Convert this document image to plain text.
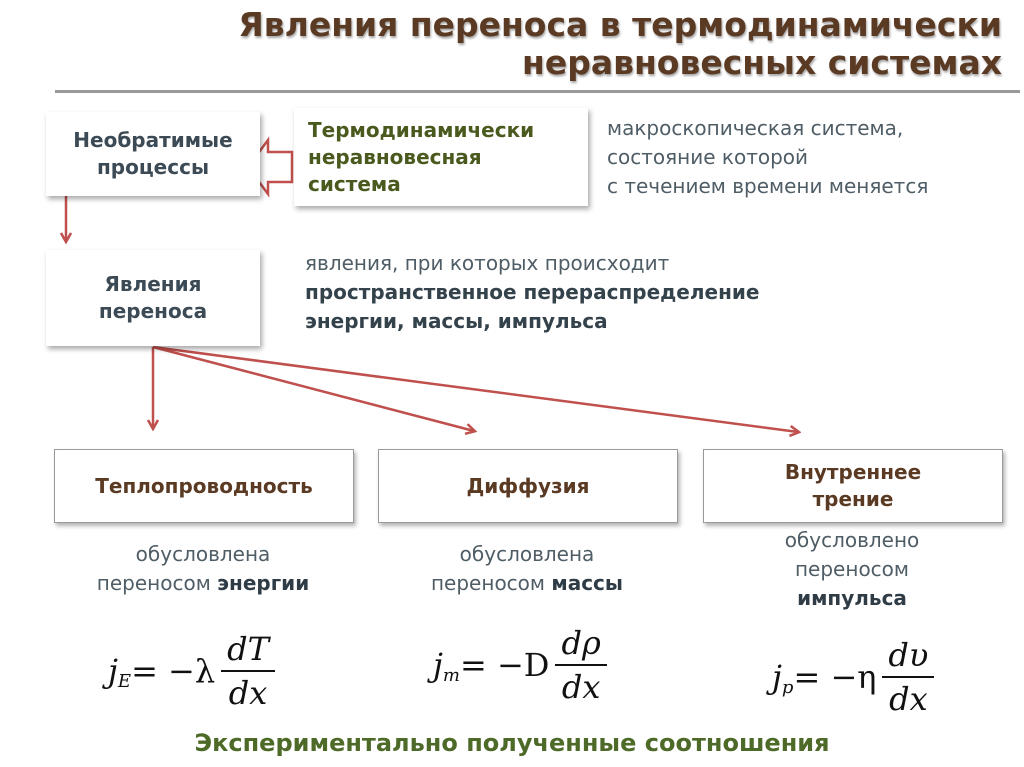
Явления переноса в термодинамически
неравновесных системах
Необратимые
процессы
Термодинамически
неравновесная
система
макроскопическая система,
состояние которой
с течением времени меняется
Явления
переноса
явления, при которых происходит
пространственное перераспределение
энергии, массы, импульса
Теплопроводность	Диффузия
Внутреннее
трение
обусловлена
переносом энергии
обусловлена
переносом массы
обусловлено
переносом
импульса
j $E = -\lambda \frac{dT}{dx}$	j $m = -D \frac{d\rho}{dx}$	j $p = -\eta \frac{d\upsilon}{dx}$
Экспериментально полученные соотношения
